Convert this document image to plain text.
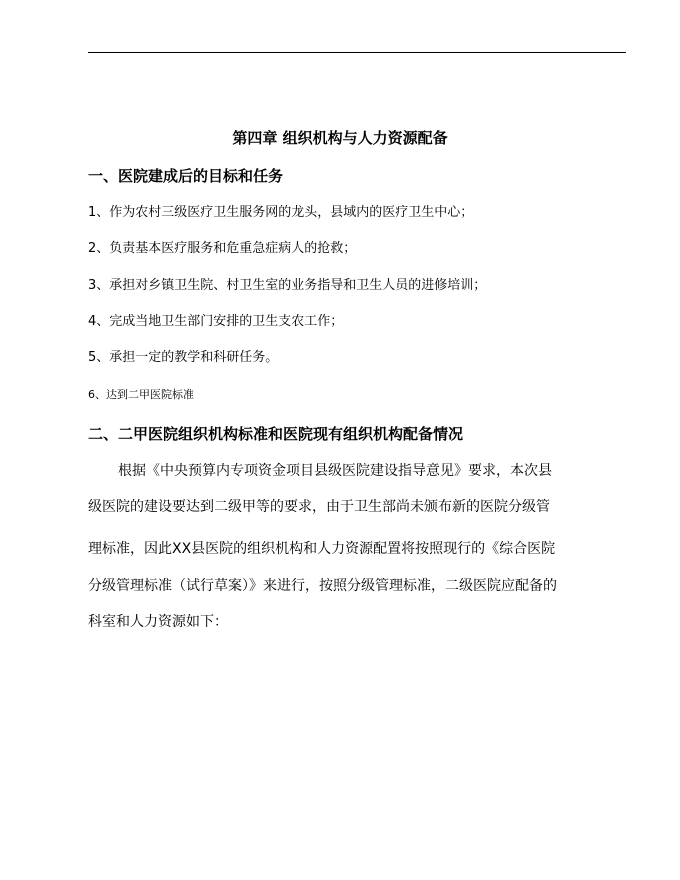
第四章 组织机构与人力资源配备
一、医院建成后的目标和任务
1、作为农村三级医疗卫生服务网的龙头，县域内的医疗卫生中心；
2、负责基本医疗服务和危重急症病人的抢救；
3、承担对乡镇卫生院、村卫生室的业务指导和卫生人员的进修培训；
4、完成当地卫生部门安排的卫生支农工作；
5、承担一定的教学和科研任务。
6、达到二甲医院标准
二、二甲医院组织机构标准和医院现有组织机构配备情况
根据《中央预算内专项资金项目县级医院建设指导意见》要求，本次县
级医院的建设要达到二级甲等的要求，由于卫生部尚未颁布新的医院分级管
理标准，因此XX县医院的组织机构和人力资源配置将按照现行的《综合医院
分级管理标准（试行草案）》来进行，按照分级管理标准，二级医院应配备的
科室和人力资源如下：
